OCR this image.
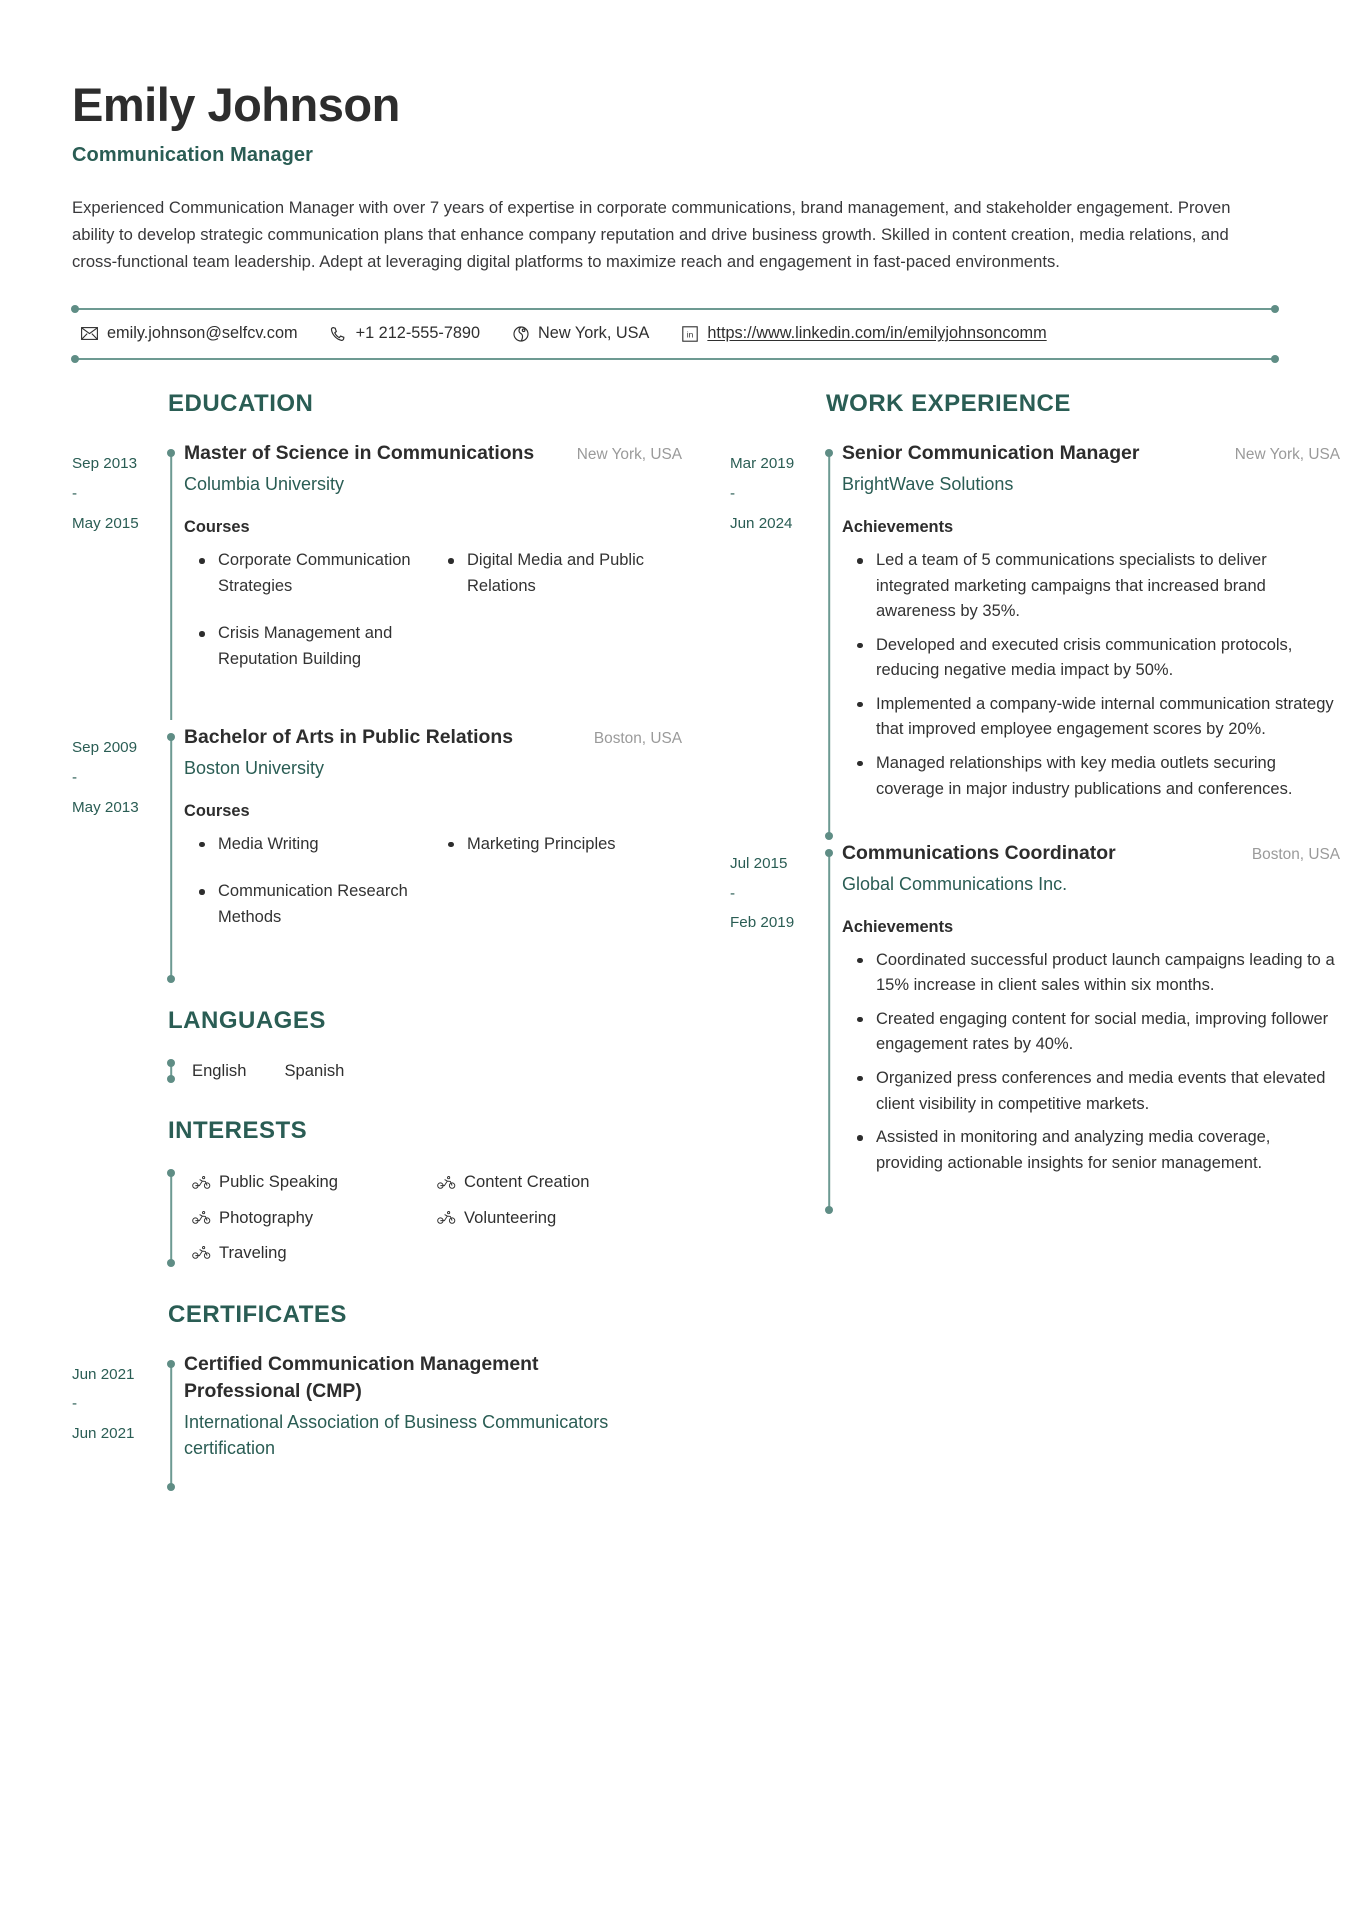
Emily Johnson
Communication Manager
Experienced Communication Manager with over 7 years of expertise in corporate communications, brand management, and stakeholder engagement. Proven ability to develop strategic communication plans that enhance company reputation and drive business growth. Skilled in content creation, media relations, and cross-functional team leadership. Adept at leveraging digital platforms to maximize reach and engagement in fast-paced environments.
emily.johnson@selfcv.com	+1 212-555-7890	New York, USA	in https://www.linkedin.com/in/emilyjohnsoncomm
EDUCATION
Sep 2013
-
May 2015
Master of Science in Communications	New York, USA
Columbia University
Courses
Corporate Communication Strategies
Crisis Management and Reputation Building
Digital Media and Public Relations
Sep 2009
-
May 2013
Bachelor of Arts in Public Relations	Boston, USA
Boston University
Courses
Media Writing
Communication Research Methods
Marketing Principles
LANGUAGES
English Spanish
INTERESTS
Public Speaking	Content Creation
Photography	Volunteering
Traveling
CERTIFICATES
Jun 2021
-
Jun 2021
Certified Communication Management Professional (CMP)
International Association of Business Communicators certification
WORK EXPERIENCE
Mar 2019
-
Jun 2024
Senior Communication Manager	New York, USA
BrightWave Solutions
Achievements
Led a team of 5 communications specialists to deliver integrated marketing campaigns that increased brand awareness by 35%.
Developed and executed crisis communication protocols, reducing negative media impact by 50%.
Implemented a company-wide internal communication strategy that improved employee engagement scores by 20%.
Managed relationships with key media outlets securing coverage in major industry publications and conferences.
Jul 2015
-
Feb 2019
Communications Coordinator	Boston, USA
Global Communications Inc.
Achievements
Coordinated successful product launch campaigns leading to a 15% increase in client sales within six months.
Created engaging content for social media, improving follower engagement rates by 40%.
Organized press conferences and media events that elevated client visibility in competitive markets.
Assisted in monitoring and analyzing media coverage, providing actionable insights for senior management.
